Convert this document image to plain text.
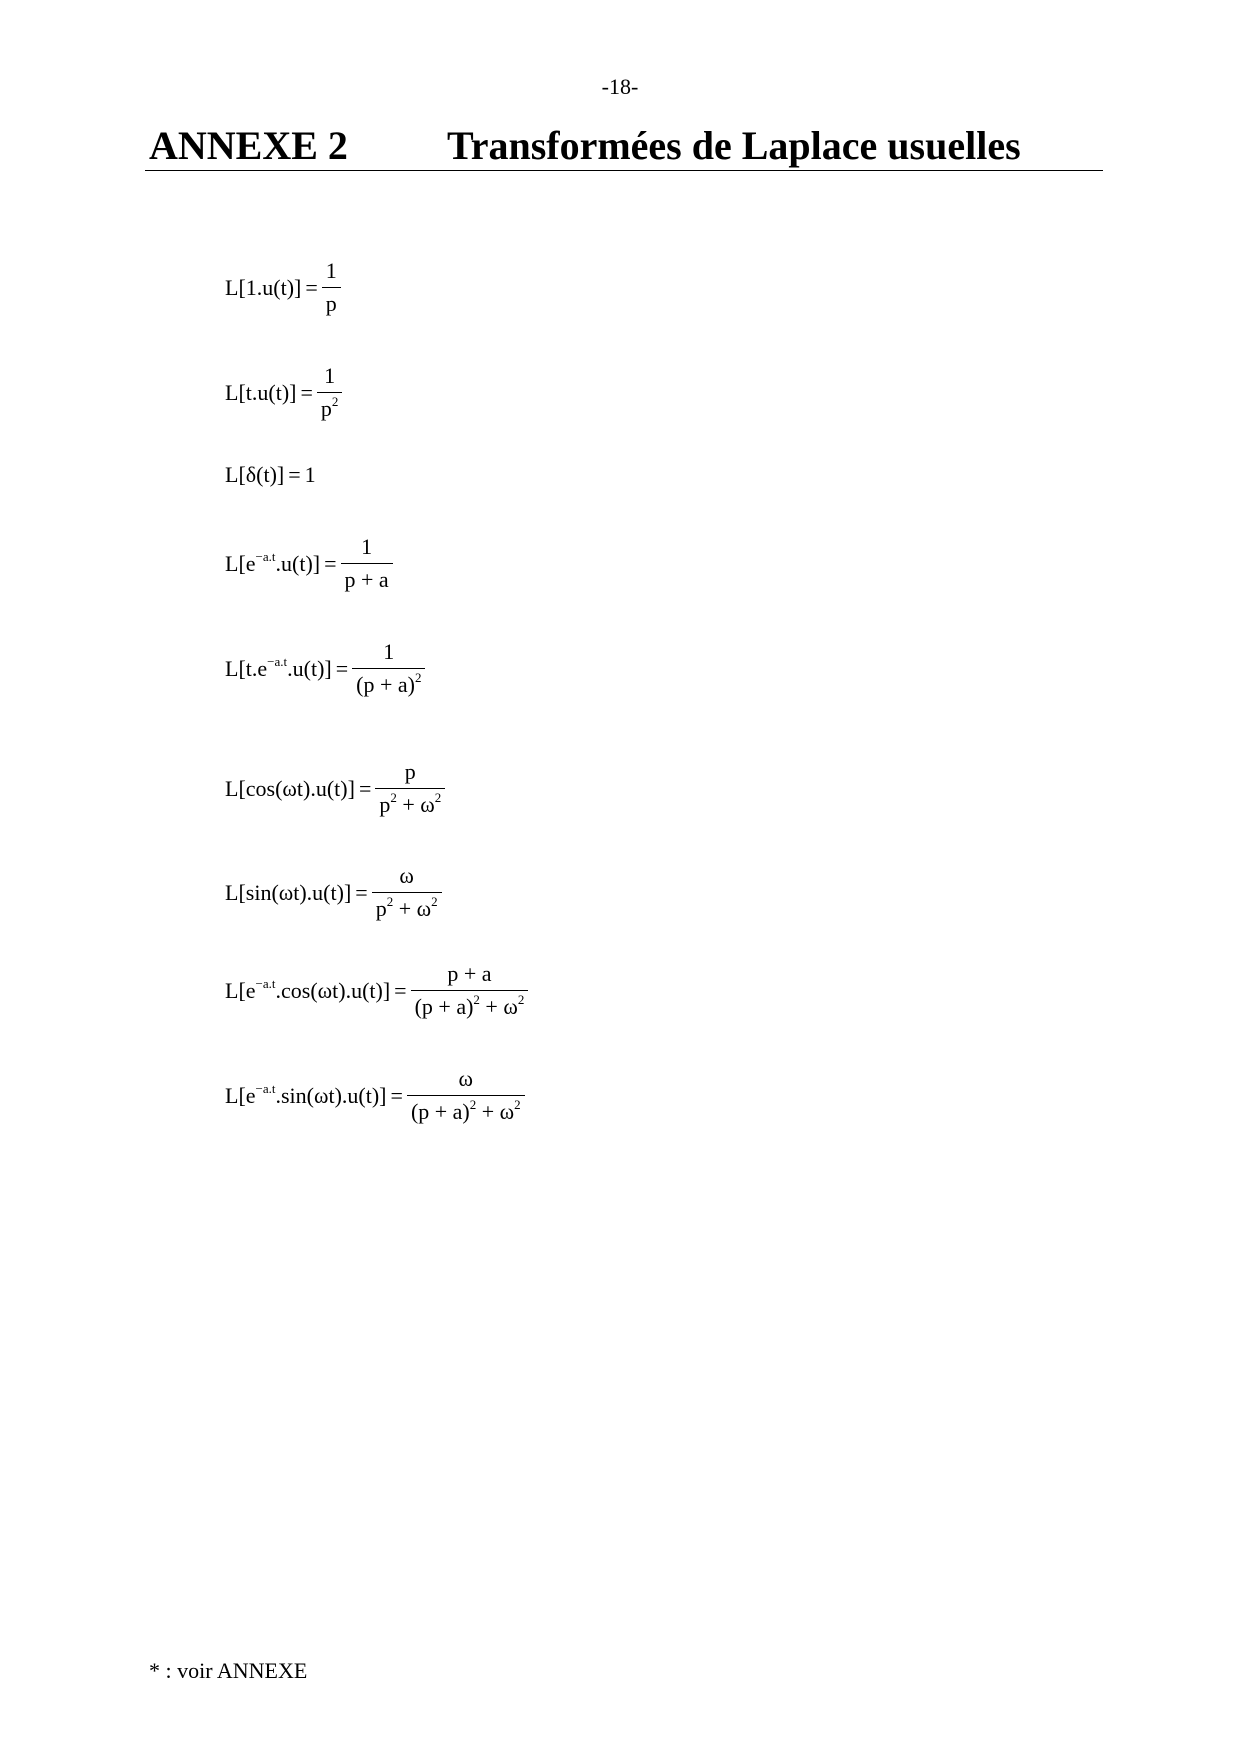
-18-
ANNEXE 2 Transformées de Laplace usuelles
$L[1.u(t)] = \frac{1}{p}$
$L[t.u(t)] = \frac{1}{p^2}$
L[δ(t)] = 1
$L[e^{-a.t}.u(t)] = \frac{1}{p + a}$
$L[t.e^{-a.t}.u(t)] = \frac{1}{(p + a)^2}$
$L[\cos(\omega t).u(t)] = \frac{p}{p^2 + \omega^2}$
$L[\sin(\omega t).u(t)] = \frac{\omega}{p^2 + \omega^2}$
$L[e^{-a.t}.\cos(\omega t).u(t)] = \frac{p + a}{(p + a)^2 + \omega^2}$
$L[e^{-a.t}.\sin(\omega t).u(t)] = \frac{\omega}{(p + a)^2 + \omega^2}$
* : voir ANNEXE
